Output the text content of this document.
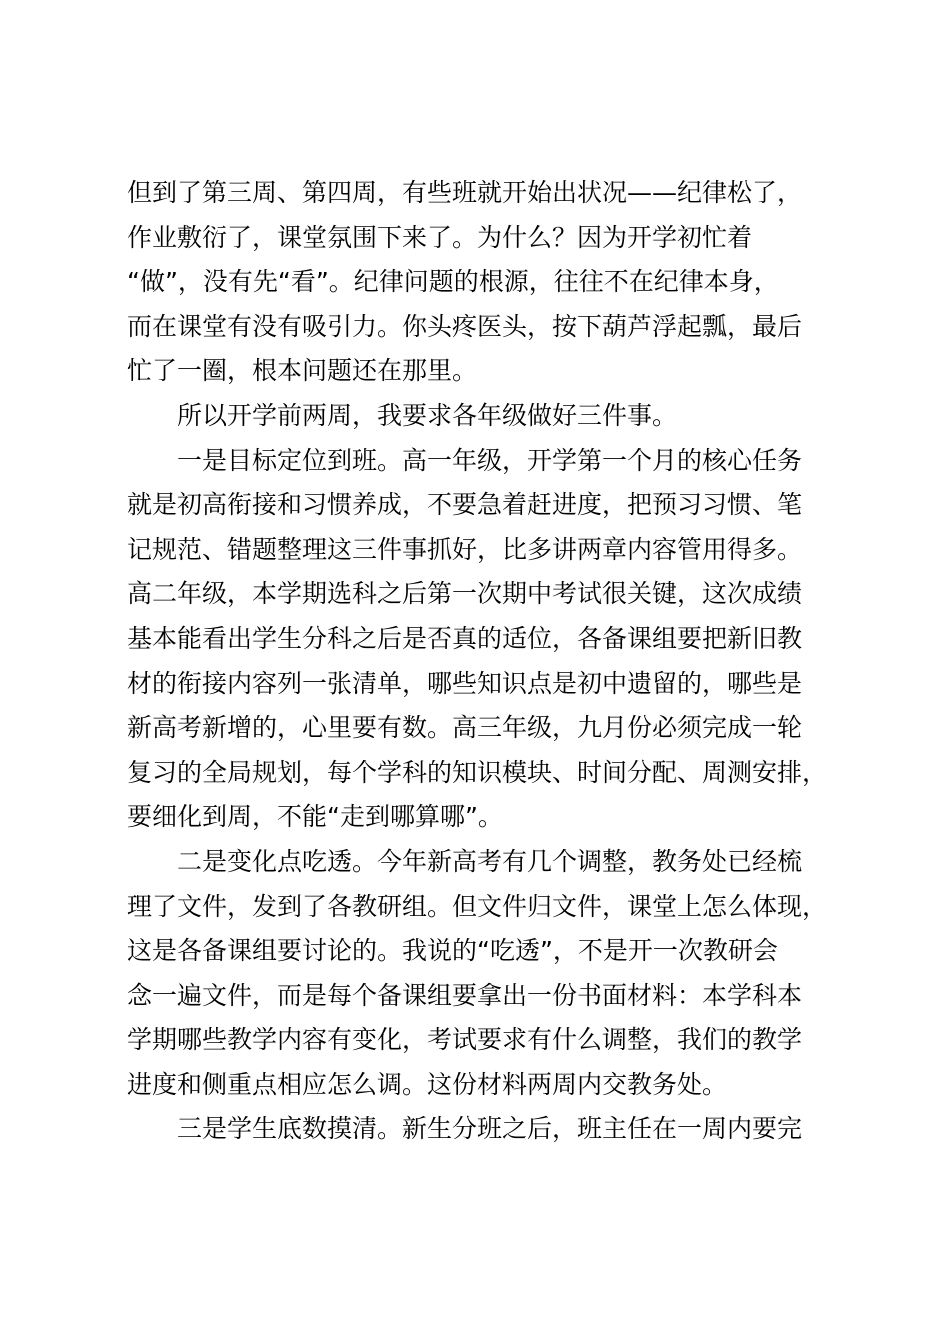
但到了第三周、第四周，有些班就开始出状况——纪律松了，
作业敷衍了，课堂氛围下来了。为什么？因为开学初忙着
“做”，没有先“看”。纪律问题的根源，往往不在纪律本身，
而在课堂有没有吸引力。你头疼医头，按下葫芦浮起瓢，最后
忙了一圈，根本问题还在那里。
所以开学前两周，我要求各年级做好三件事。
一是目标定位到班。高一年级，开学第一个月的核心任务
就是初高衔接和习惯养成，不要急着赶进度，把预习习惯、笔
记规范、错题整理这三件事抓好，比多讲两章内容管用得多。
高二年级，本学期选科之后第一次期中考试很关键，这次成绩
基本能看出学生分科之后是否真的适位，各备课组要把新旧教
材的衔接内容列一张清单，哪些知识点是初中遗留的，哪些是
新高考新增的，心里要有数。高三年级，九月份必须完成一轮
复习的全局规划，每个学科的知识模块、时间分配、周测安排，
要细化到周，不能“走到哪算哪”。
二是变化点吃透。今年新高考有几个调整，教务处已经梳
理了文件，发到了各教研组。但文件归文件，课堂上怎么体现，
这是各备课组要讨论的。我说的“吃透”，不是开一次教研会
念一遍文件，而是每个备课组要拿出一份书面材料：本学科本
学期哪些教学内容有变化，考试要求有什么调整，我们的教学
进度和侧重点相应怎么调。这份材料两周内交教务处。
三是学生底数摸清。新生分班之后，班主任在一周内要完
